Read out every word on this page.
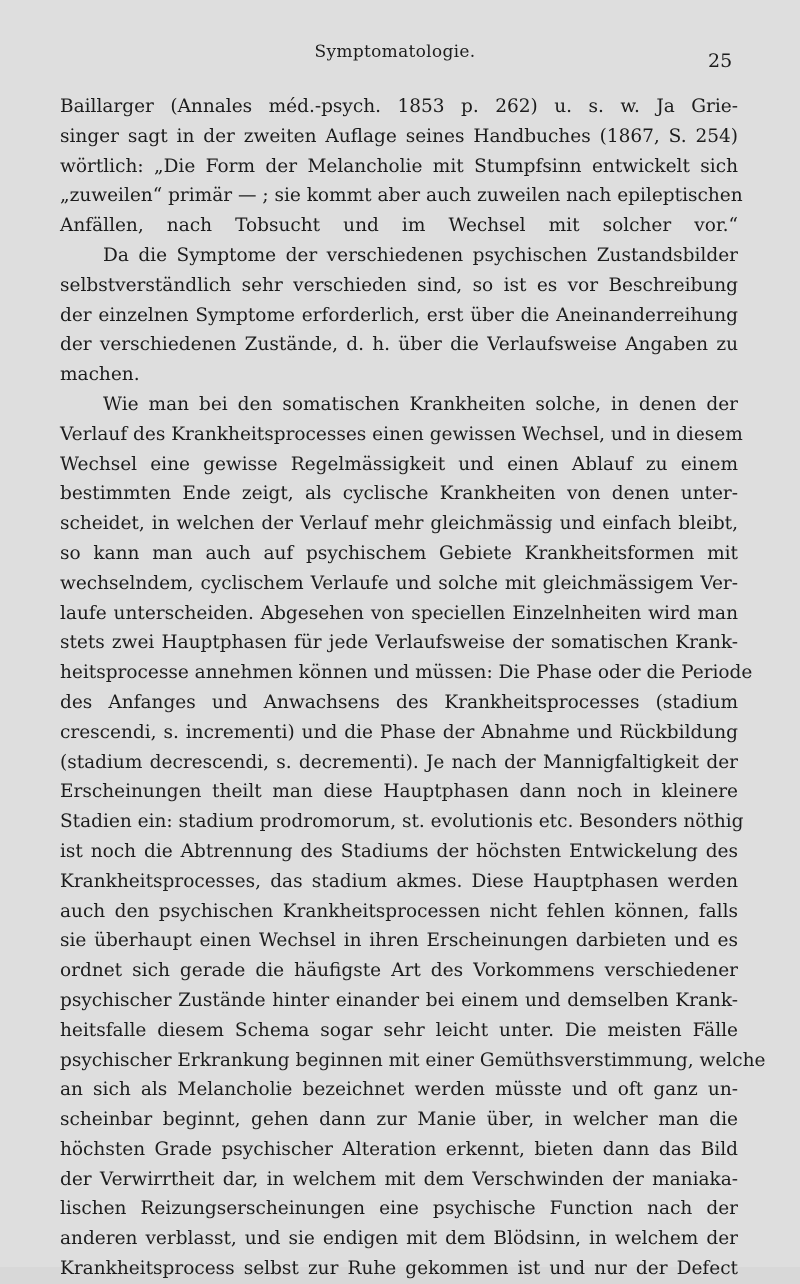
Symptomatologie.	25
Baillarger (Annales méd.-psych. 1853 p. 262) u. s. w. Ja Grie-
singer sagt in der zweiten Auflage seines Handbuches (1867, S. 254)
wörtlich: „Die Form der Melancholie mit Stumpfsinn entwickelt sich
„zuweilen“ primär — ; sie kommt aber auch zuweilen nach epileptischen
Anfällen, nach Tobsucht und im Wechsel mit solcher vor.“
Da die Symptome der verschiedenen psychischen Zustandsbilder
selbstverständlich sehr verschieden sind, so ist es vor Beschreibung
der einzelnen Symptome erforderlich, erst über die Aneinanderreihung
der verschiedenen Zustände, d. h. über die Verlaufsweise Angaben zu
machen.
Wie man bei den somatischen Krankheiten solche, in denen der
Verlauf des Krankheitsprocesses einen gewissen Wechsel, und in diesem
Wechsel eine gewisse Regelmässigkeit und einen Ablauf zu einem
bestimmten Ende zeigt, als cyclische Krankheiten von denen unter-
scheidet, in welchen der Verlauf mehr gleichmässig und einfach bleibt,
so kann man auch auf psychischem Gebiete Krankheitsformen mit
wechselndem, cyclischem Verlaufe und solche mit gleichmässigem Ver-
laufe unterscheiden. Abgesehen von speciellen Einzelnheiten wird man
stets zwei Hauptphasen für jede Verlaufsweise der somatischen Krank-
heitsprocesse annehmen können und müssen: Die Phase oder die Periode
des Anfanges und Anwachsens des Krankheitsprocesses (stadium
crescendi, s. incrementi) und die Phase der Abnahme und Rückbildung
(stadium decrescendi, s. decrementi). Je nach der Mannigfaltigkeit der
Erscheinungen theilt man diese Hauptphasen dann noch in kleinere
Stadien ein: stadium prodromorum, st. evolutionis etc. Besonders nöthig
ist noch die Abtrennung des Stadiums der höchsten Entwickelung des
Krankheitsprocesses, das stadium akmes. Diese Hauptphasen werden
auch den psychischen Krankheitsprocessen nicht fehlen können, falls
sie überhaupt einen Wechsel in ihren Erscheinungen darbieten und es
ordnet sich gerade die häufigste Art des Vorkommens verschiedener
psychischer Zustände hinter einander bei einem und demselben Krank-
heitsfalle diesem Schema sogar sehr leicht unter. Die meisten Fälle
psychischer Erkrankung beginnen mit einer Gemüthsverstimmung, welche
an sich als Melancholie bezeichnet werden müsste und oft ganz un-
scheinbar beginnt, gehen dann zur Manie über, in welcher man die
höchsten Grade psychischer Alteration erkennt, bieten dann das Bild
der Verwirrtheit dar, in welchem mit dem Verschwinden der maniaka-
lischen Reizungserscheinungen eine psychische Function nach der
anderen verblasst, und sie endigen mit dem Blödsinn, in welchem der
Krankheitsprocess selbst zur Ruhe gekommen ist und nur der Defect
